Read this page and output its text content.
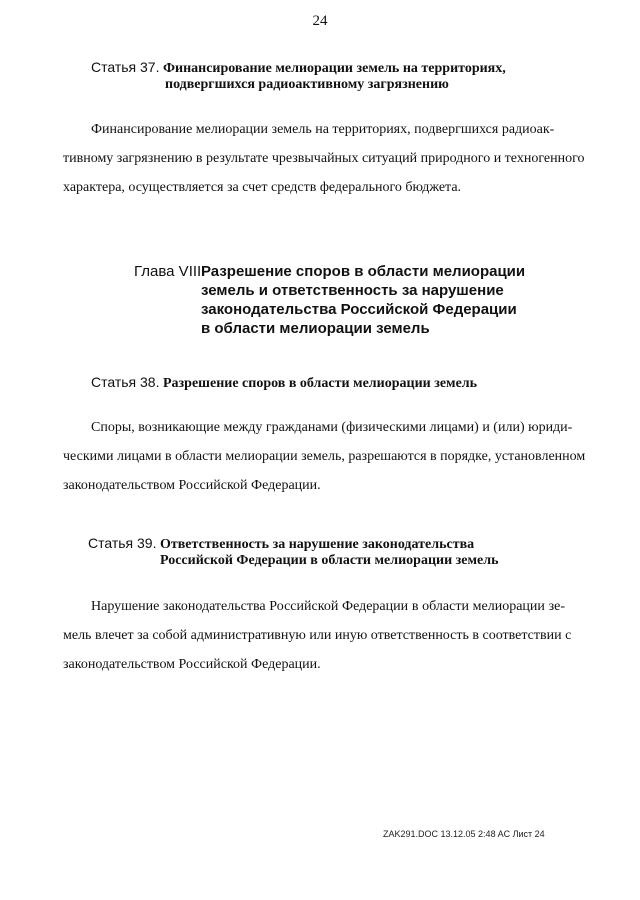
24
Статья 37. Финансирование мелиорации земель на территориях,
подвергшихся радиоактивному загрязнению
Финансирование мелиорации земель на территориях, подвергшихся радиоак-
тивному загрязнению в результате чрезвычайных ситуаций природного и техногенного
характера, осуществляется за счет средств федерального бюджета.
Глава VIII.
Разрешение споров в области мелиорации
земель и ответственность за нарушение
законодательства Российской Федерации
в области мелиорации земель
Статья 38. Разрешение споров в области мелиорации земель
Споры, возникающие между гражданами (физическими лицами) и (или) юриди-
ческими лицами в области мелиорации земель, разрешаются в порядке, установленном
законодательством Российской Федерации.
Статья 39. Ответственность за нарушение законодательства
Российской Федерации в области мелиорации земель
Нарушение законодательства Российской Федерации в области мелиорации зе-
мель влечет за собой административную или иную ответственность в соответствии с
законодательством Российской Федерации.
ZAK291.DOC 13.12.05 2:48 AC Лист 24
